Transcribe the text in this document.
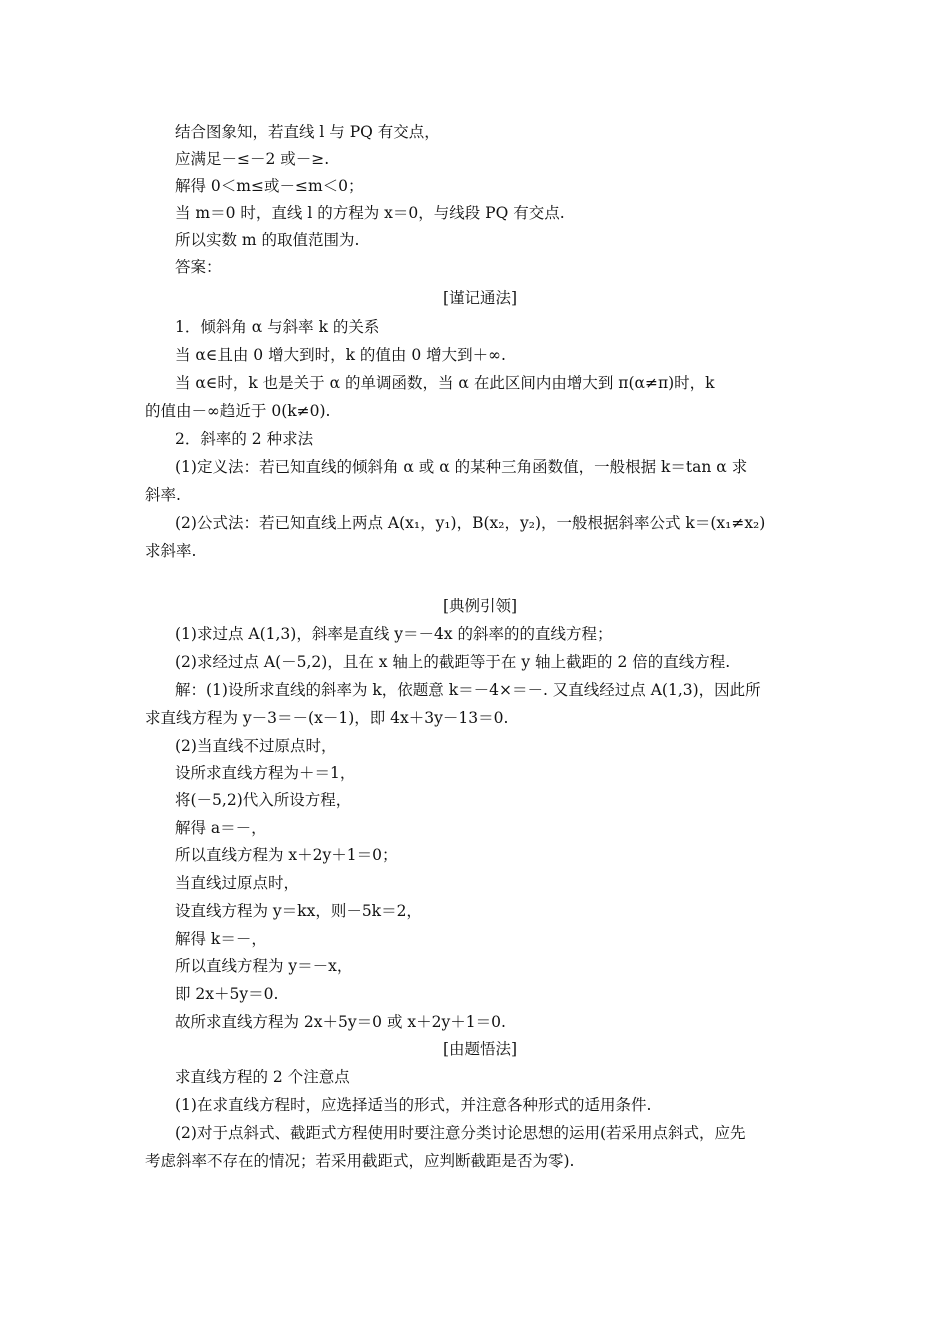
结合图象知，若直线 l 与 PQ 有交点，
应满足－≤－2 或－≥.
解得 0＜m≤或－≤m＜0；
当 m＝0 时，直线 l 的方程为 x＝0，与线段 PQ 有交点.
所以实数 m 的取值范围为.
答案：
[谨记通法]
1．倾斜角 α 与斜率 k 的关系
当 α∈且由 0 增大到时，k 的值由 0 增大到＋∞.
当 α∈时，k 也是关于 α 的单调函数，当 α 在此区间内由增大到 π(α≠π)时，k
的值由－∞趋近于 0(k≠0).
2．斜率的 2 种求法
(1)定义法：若已知直线的倾斜角 α 或 α 的某种三角函数值，一般根据 k＝tan α 求
斜率.
(2)公式法：若已知直线上两点 A(x₁，y₁)，B(x₂，y₂)，一般根据斜率公式 k＝(x₁≠x₂)
求斜率.
[典例引领]
(1)求过点 A(1,3)，斜率是直线 y＝－4x 的斜率的的直线方程；
(2)求经过点 A(－5,2)，且在 x 轴上的截距等于在 y 轴上截距的 2 倍的直线方程.
解：(1)设所求直线的斜率为 k，依题意 k＝－4×＝－. 又直线经过点 A(1,3)，因此所
求直线方程为 y－3＝－(x－1)，即 4x＋3y－13＝0.
(2)当直线不过原点时，
设所求直线方程为＋＝1，
将(－5,2)代入所设方程，
解得 a＝－，
所以直线方程为 x＋2y＋1＝0；
当直线过原点时，
设直线方程为 y＝kx，则－5k＝2，
解得 k＝－，
所以直线方程为 y＝－x，
即 2x＋5y＝0.
故所求直线方程为 2x＋5y＝0 或 x＋2y＋1＝0.
[由题悟法]
求直线方程的 2 个注意点
(1)在求直线方程时，应选择适当的形式，并注意各种形式的适用条件.
(2)对于点斜式、截距式方程使用时要注意分类讨论思想的运用(若采用点斜式，应先
考虑斜率不存在的情况；若采用截距式，应判断截距是否为零).
